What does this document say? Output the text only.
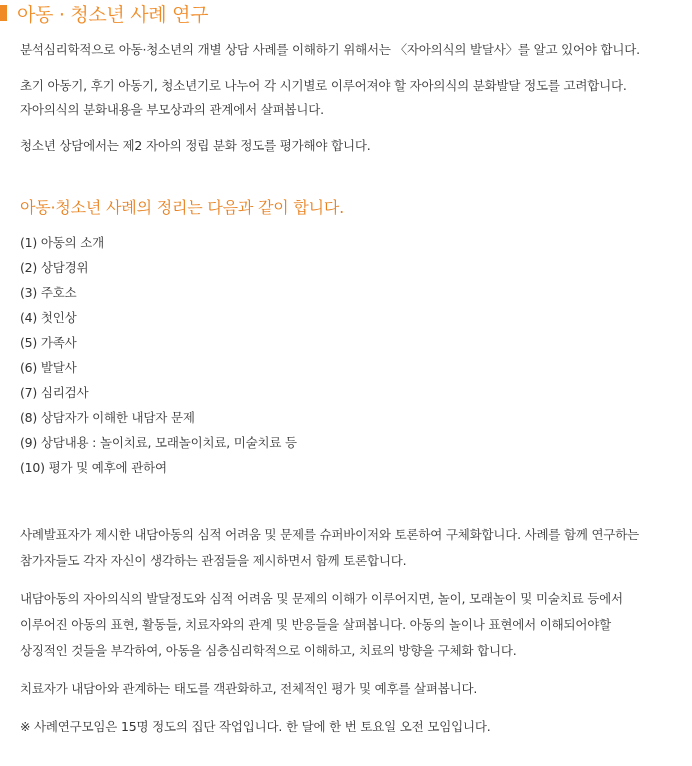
아동 · 청소년 사례 연구

분석심리학적으로 아동·청소년의 개별 상담 사례를 이해하기 위해서는 〈자아의식의 발달사〉를 알고 있어야 합니다.

초기 아동기, 후기 아동기, 청소년기로 나누어 각 시기별로 이루어져야 할 자아의식의 분화발달 정도를 고려합니다.
자아의식의 분화내용을 부모상과의 관계에서 살펴봅니다.

청소년 상담에서는 제2 자아의 정립 분화 정도를 평가해야 합니다.

아동·청소년 사례의 정리는 다음과 같이 합니다.
(1) 아동의 소개
(2) 상담경위
(3) 주호소
(4) 첫인상
(5) 가족사
(6) 발달사
(7) 심리검사
(8) 상담자가 이해한 내담자 문제
(9) 상담내용 : 놀이치료, 모래놀이치료, 미술치료 등
(10) 평가 및 예후에 관하여

사례발표자가 제시한 내담아동의 심적 어려움 및 문제를 슈퍼바이저와 토론하여 구체화합니다. 사례를 함께 연구하는
참가자들도 각자 자신이 생각하는 관점들을 제시하면서 함께 토론합니다.

내담아동의 자아의식의 발달정도와 심적 어려움 및 문제의 이해가 이루어지면, 놀이, 모래놀이 및 미술치료 등에서
이루어진 아동의 표현, 활동들, 치료자와의 관계 및 반응들을 살펴봅니다. 아동의 놀이나 표현에서 이해되어야할
상징적인 것들을 부각하여, 아동을 심층심리학적으로 이해하고, 치료의 방향을 구체화 합니다.

치료자가 내담아와 관계하는 태도를 객관화하고, 전체적인 평가 및 예후를 살펴봅니다.

※ 사례연구모임은 15명 정도의 집단 작업입니다. 한 달에 한 번 토요일 오전 모임입니다.
